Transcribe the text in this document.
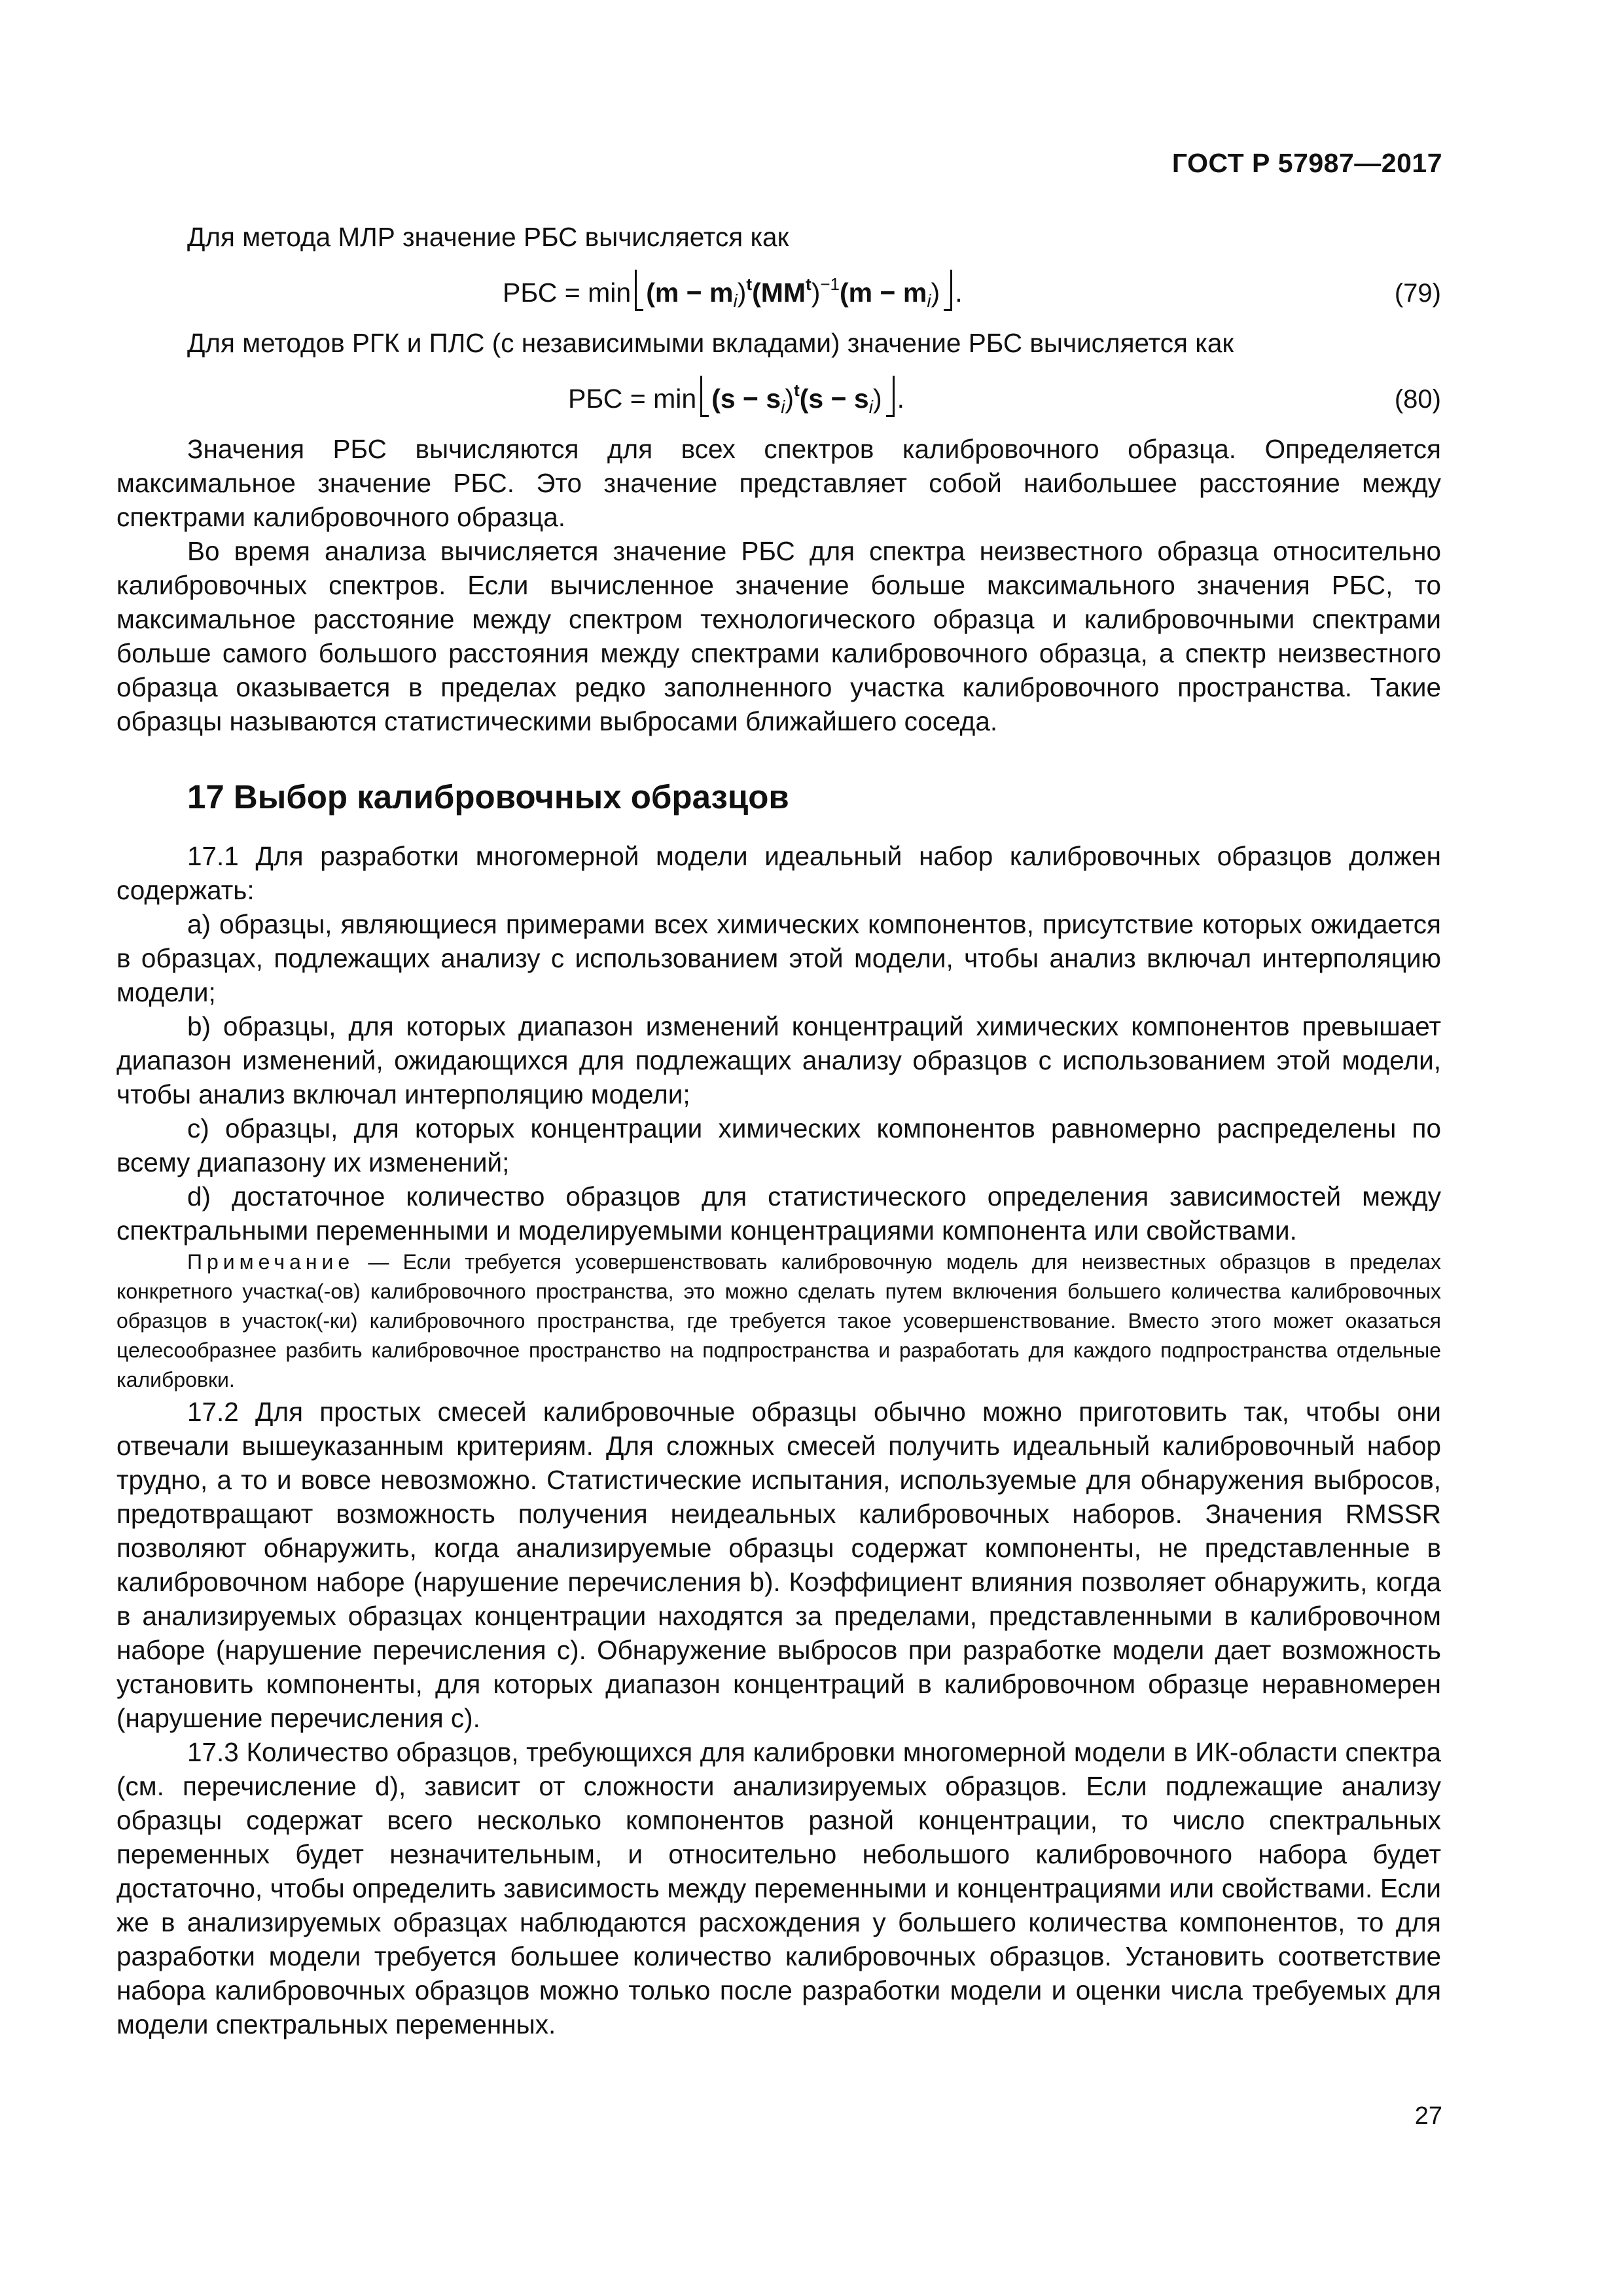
ГОСТ Р 57987—2017

Для метода МЛР значение РБС вычисляется как

РБС = $\min (m - m_i)^t(MM^t)^{-1}(m - m_i)$ .	(79)

Для методов РГК и ПЛС (с независимыми вкладами) значение РБС вычисляется как

РБС = $\min (s - s_i)^t(s - s_i)$ .	(80)

Значения РБС вычисляются для всех спектров калибровочного образца. Определяется максимальное значение РБС. Это значение представляет собой наибольшее расстояние между спектрами калибровочного образца.

Во время анализа вычисляется значение РБС для спектра неизвестного образца относительно калибровочных спектров. Если вычисленное значение больше максимального значения РБС, то максимальное расстояние между спектром технологического образца и калибровочными спектрами больше самого большого расстояния между спектрами калибровочного образца, а спектр неизвестного образца оказывается в пределах редко заполненного участка калибровочного пространства. Такие образцы называются статистическими выбросами ближайшего соседа.

17 Выбор калибровочных образцов

17.1 Для разработки многомерной модели идеальный набор калибровочных образцов должен содержать:

a) образцы, являющиеся примерами всех химических компонентов, присутствие которых ожидается в образцах, подлежащих анализу с использованием этой модели, чтобы анализ включал интерполяцию модели;

b) образцы, для которых диапазон изменений концентраций химических компонентов превышает диапазон изменений, ожидающихся для подлежащих анализу образцов с использованием этой модели, чтобы анализ включал интерполяцию модели;

c) образцы, для которых концентрации химических компонентов равномерно распределены по всему диапазону их изменений;

d) достаточное количество образцов для статистического определения зависимостей между спектральными переменными и моделируемыми концентрациями компонента или свойствами.

Примечание — Если требуется усовершенствовать калибровочную модель для неизвестных образцов в пределах конкретного участка(-ов) калибровочного пространства, это можно сделать путем включения большего количества калибровочных образцов в участок(-ки) калибровочного пространства, где требуется такое усовершенствование. Вместо этого может оказаться целесообразнее разбить калибровочное пространство на подпространства и разработать для каждого подпространства отдельные калибровки.

17.2 Для простых смесей калибровочные образцы обычно можно приготовить так, чтобы они отвечали вышеуказанным критериям. Для сложных смесей получить идеальный калибровочный набор трудно, а то и вовсе невозможно. Статистические испытания, используемые для обнаружения выбросов, предотвращают возможность получения неидеальных калибровочных наборов. Значения RMSSR позволяют обнаружить, когда анализируемые образцы содержат компоненты, не представленные в калибровочном наборе (нарушение перечисления b). Коэффициент влияния позволяет обнаружить, когда в анализируемых образцах концентрации находятся за пределами, представленными в калибровочном наборе (нарушение перечисления c). Обнаружение выбросов при разработке модели дает возможность установить компоненты, для которых диапазон концентраций в калибровочном образце неравномерен (нарушение перечисления c).

17.3 Количество образцов, требующихся для калибровки многомерной модели в ИК-области спектра (см. перечисление d), зависит от сложности анализируемых образцов. Если подлежащие анализу образцы содержат всего несколько компонентов разной концентрации, то число спектральных переменных будет незначительным, и относительно небольшого калибровочного набора будет достаточно, чтобы определить зависимость между переменными и концентрациями или свойствами. Если же в анализируемых образцах наблюдаются расхождения у большего количества компонентов, то для разработки модели требуется большее количество калибровочных образцов. Установить соответствие набора калибровочных образцов можно только после разработки модели и оценки числа требуемых для модели спектральных переменных.

27
